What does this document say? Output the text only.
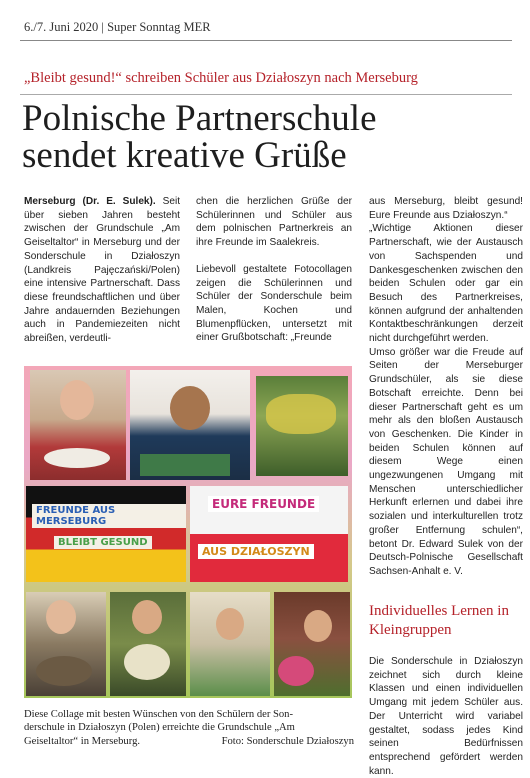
6./7. Juni 2020 | Super Sonntag MER
„Bleibt gesund!“ schreiben Schüler aus Działoszyn nach Merseburg
Polnische Partnerschule
sendet kreative Grüße

Merseburg (Dr. E. Sulek). Seit über sieben Jahren besteht zwischen der Grundschule „Am Geiseltaltor“ in Merseburg und der Sonderschule in Działoszyn (Landkreis Pajęczański/Polen) eine intensive Partnerschaft. Dass diese freundschaftlichen und über Jahre andauernden Beziehungen auch in Pandemiezeiten nicht abreißen, verdeutli-

chen die herzlichen Grüße der Schülerinnen und Schüler aus dem polnischen Partnerkreis an ihre Freunde im Saalekreis.

Liebevoll gestaltete Fotocollagen zeigen die Schülerinnen und Schüler der Sonderschule beim Malen, Kochen und Blumenpflücken, untersetzt mit einer Grußbotschaft: „Freunde

aus Merseburg, bleibt gesund! Eure Freunde aus Działoszyn.“

„Wichtige Aktionen dieser Partnerschaft, wie der Austausch von Sachspenden und Dankesgeschenken zwischen den beiden Schulen oder gar ein Besuch des Partnerkreises, können aufgrund der anhaltenden Kontaktbeschränkungen derzeit nicht durchgeführt werden.

Umso größer war die Freude auf Seiten der Merseburger Grundschüler, als sie diese Botschaft erreichte. Denn bei dieser Partnerschaft geht es um mehr als den bloßen Austausch von Geschenken. Die Kinder in beiden Schulen können auf diesem Wege einen ungezwungenen Umgang mit Menschen unterschiedlicher Herkunft erlernen und dabei ihre sozialen und interkulturellen trotz großer Entfernung schulen“, betont Dr. Edward Sulek von der Deutsch-Polnische Gesellschaft Sachsen-Anhalt e. V.

Individuelles Lernen in Kleingruppen

Die Sonderschule in Działoszyn zeichnet sich durch kleine Klassen und einen individuellen Umgang mit jedem Schüler aus. Der Unterricht wird variabel gestaltet, sodass jedes Kind seinen Bedürfnissen entsprechend gefördert werden kann.

FREUNDE AUS MERSEBURG
BLEIBT GESUND
EURE FREUNDE
AUS DZIAŁOSZYN
Diese Collage mit besten Wünschen von den Schülern der Son-
derschule in Działoszyn (Polen) erreichte die Grundschule „Am
Geiseltaltor“ in Merseburg.	Foto: Sonderschule Działoszyn
